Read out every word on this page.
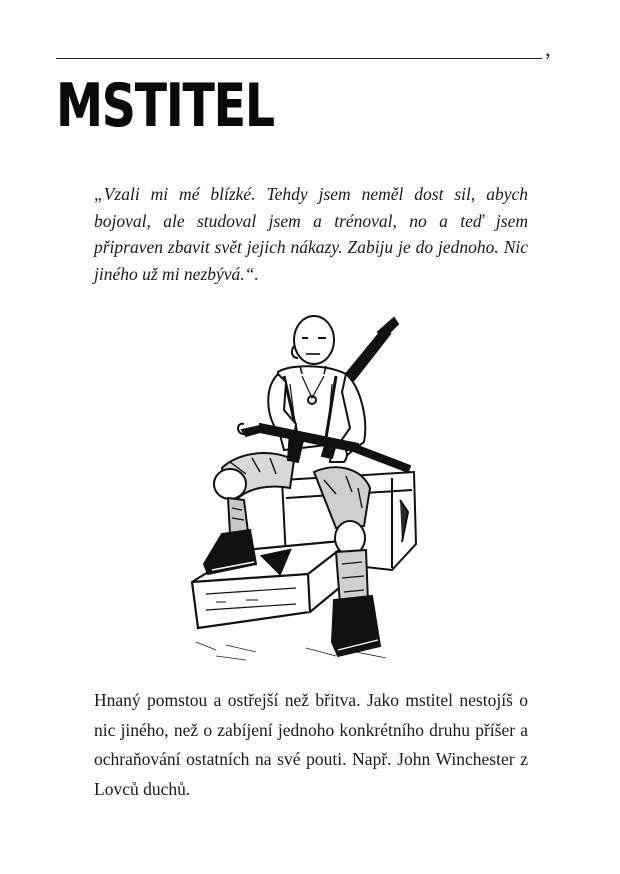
’
MSTITEL

„Vzali mi mé blízké. Tehdy jsem neměl dost sil, abych bojoval, ale studoval jsem a trénoval, no a teď jsem připraven zbavit svět jejich nákazy. Zabiju je do jednoho. Nic jiného už mi nezbývá.“.

Hnaný pomstou a ostřejší než břitva. Jako mstitel nestojíš o nic jiného, než o zabíjení jednoho konkrétního druhu příšer a ochraňování ostatních na své pouti. Např. John Winchester z Lovců duchů.
